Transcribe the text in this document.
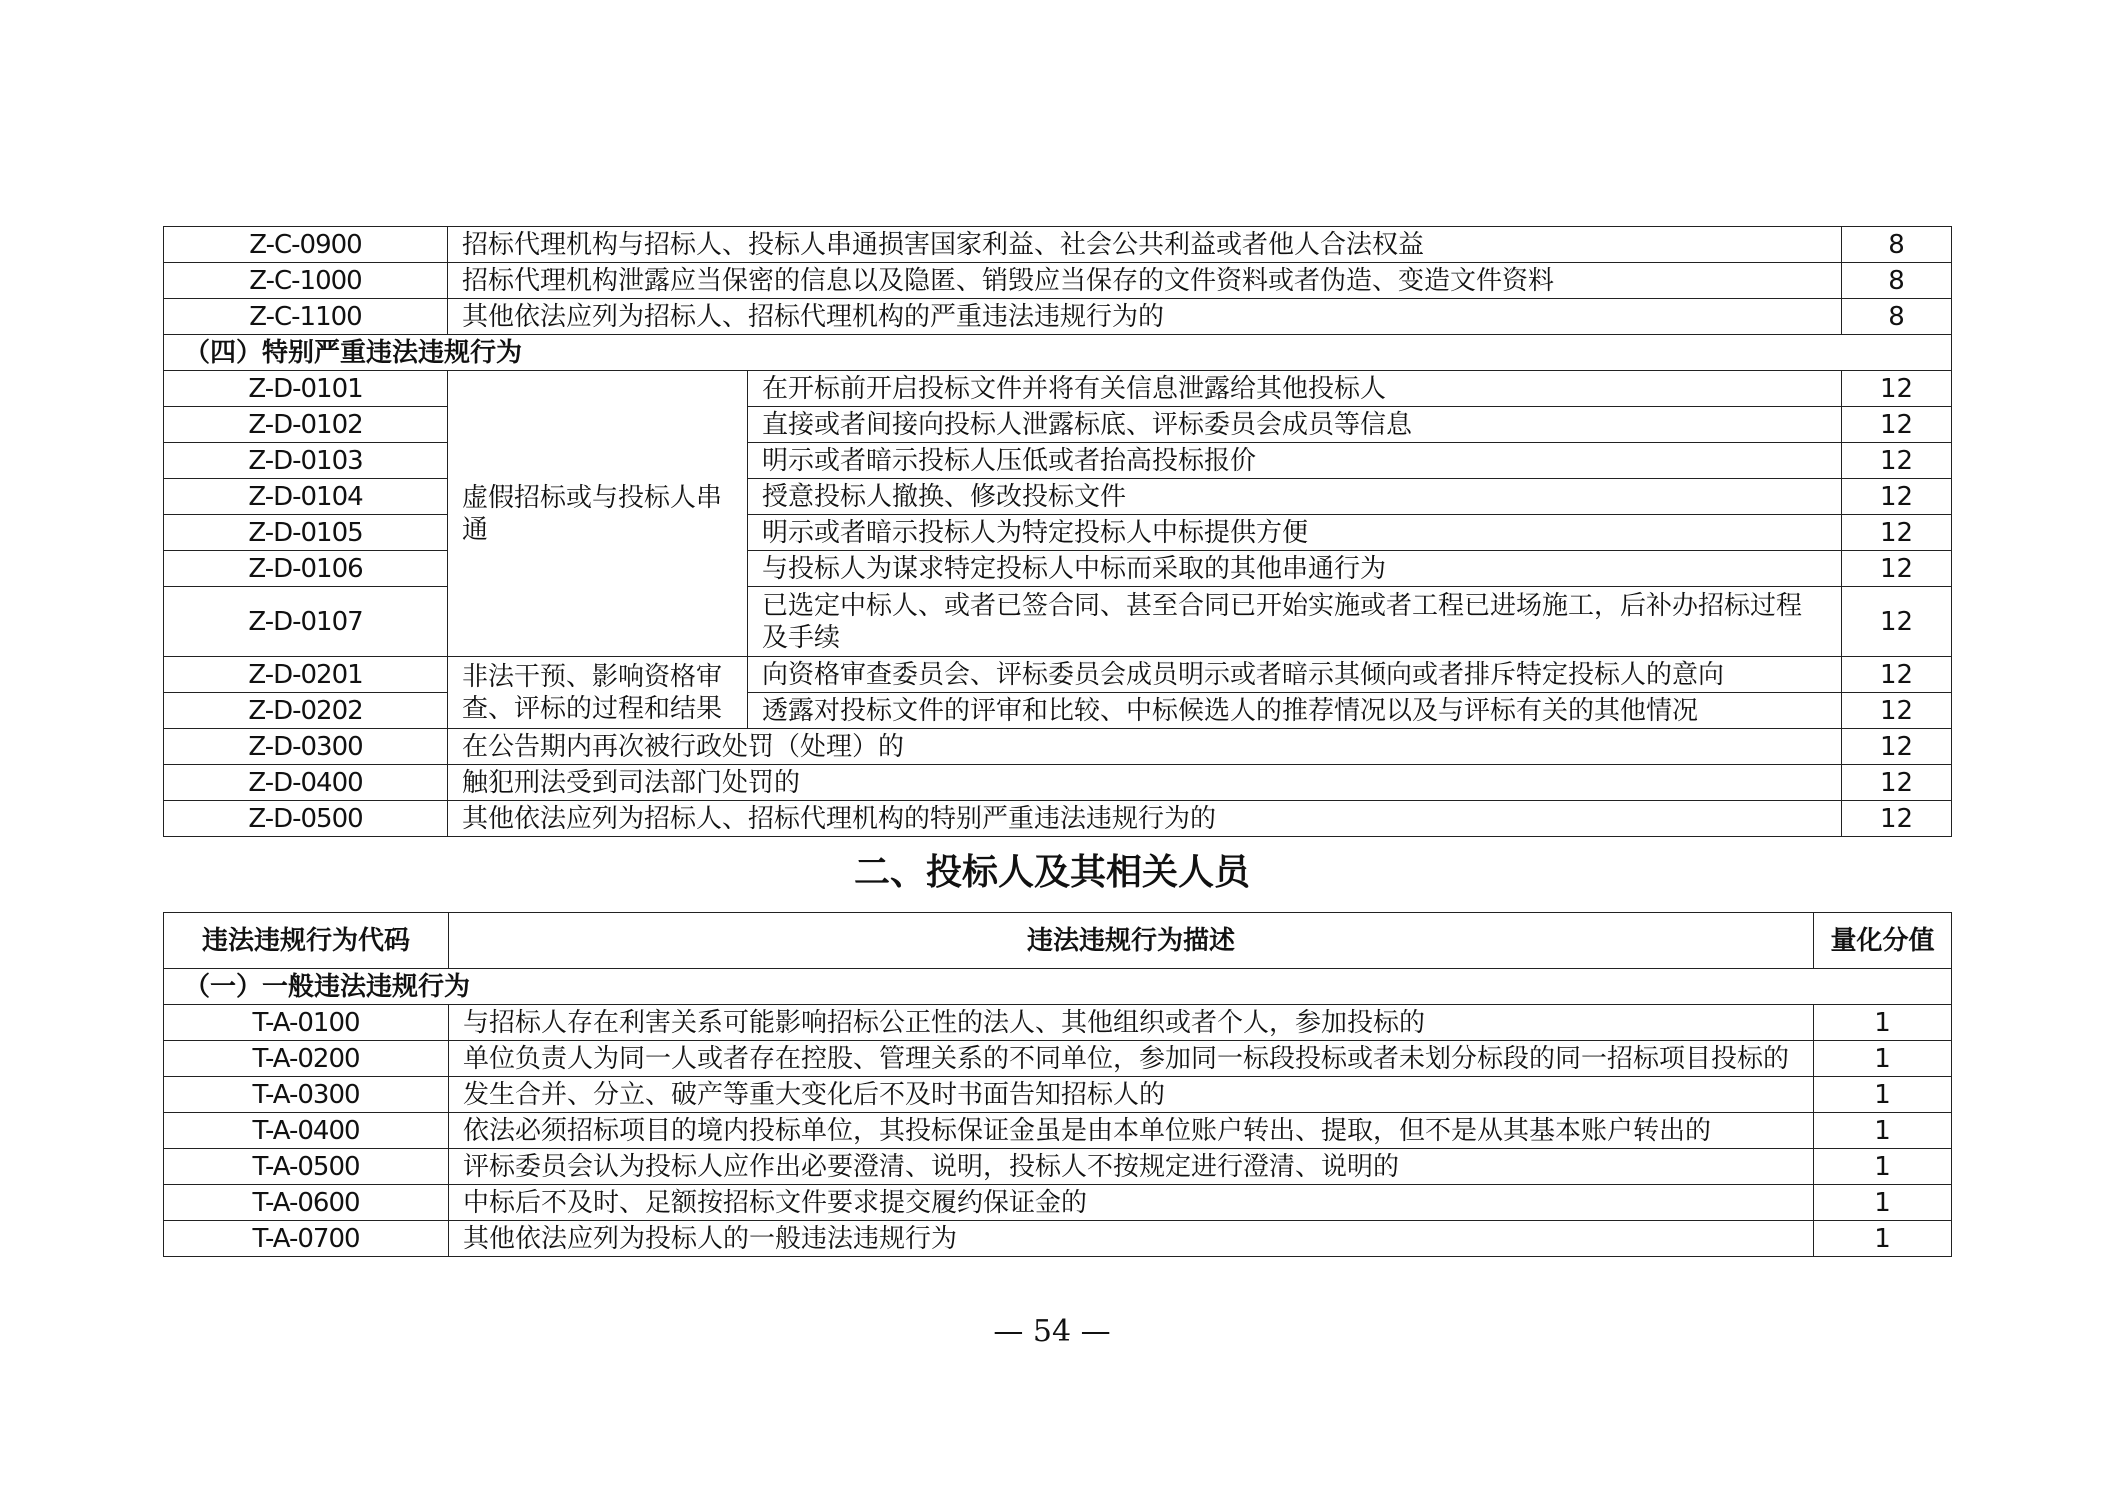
Z-C-0900	招标代理机构与招标人、投标人串通损害国家利益、社会公共利益或者他人合法权益		8
Z-C-1000	招标代理机构泄露应当保密的信息以及隐匿、销毁应当保存的文件资料或者伪造、变造文件资料		8
Z-C-1100	其他依法应列为招标人、招标代理机构的严重违法违规行为的		8
（四）特别严重违法违规行为			
Z-D-0101	虚假招标或与投标人串通	在开标前开启投标文件并将有关信息泄露给其他投标人	12
Z-D-0102		直接或者间接向投标人泄露标底、评标委员会成员等信息	12
Z-D-0103		明示或者暗示投标人压低或者抬高投标报价	12
Z-D-0104		授意投标人撤换、修改投标文件	12
Z-D-0105		明示或者暗示投标人为特定投标人中标提供方便	12
Z-D-0106		与投标人为谋求特定投标人中标而采取的其他串通行为	12
Z-D-0107		已选定中标人、或者已签合同、甚至合同已开始实施或者工程已进场施工，后补办招标过程及手续	12
Z-D-0201	非法干预、影响资格审查、评标的过程和结果	向资格审查委员会、评标委员会成员明示或者暗示其倾向或者排斥特定投标人的意向	12
Z-D-0202		透露对投标文件的评审和比较、中标候选人的推荐情况以及与评标有关的其他情况	12
Z-D-0300	在公告期内再次被行政处罚（处理）的		12
Z-D-0400	触犯刑法受到司法部门处罚的		12
Z-D-0500	其他依法应列为招标人、招标代理机构的特别严重违法违规行为的		12
二、投标人及其相关人员
违法违规行为代码	违法违规行为描述	量化分值
（一）一般违法违规行为		
T-A-0100	与招标人存在利害关系可能影响招标公正性的法人、其他组织或者个人，参加投标的	1
T-A-0200	单位负责人为同一人或者存在控股、管理关系的不同单位，参加同一标段投标或者未划分标段的同一招标项目投标的	1
T-A-0300	发生合并、分立、破产等重大变化后不及时书面告知招标人的	1
T-A-0400	依法必须招标项目的境内投标单位，其投标保证金虽是由本单位账户转出、提取，但不是从其基本账户转出的	1
T-A-0500	评标委员会认为投标人应作出必要澄清、说明，投标人不按规定进行澄清、说明的	1
T-A-0600	中标后不及时、足额按招标文件要求提交履约保证金的	1
T-A-0700	其他依法应列为投标人的一般违法违规行为	1
— 54 —
